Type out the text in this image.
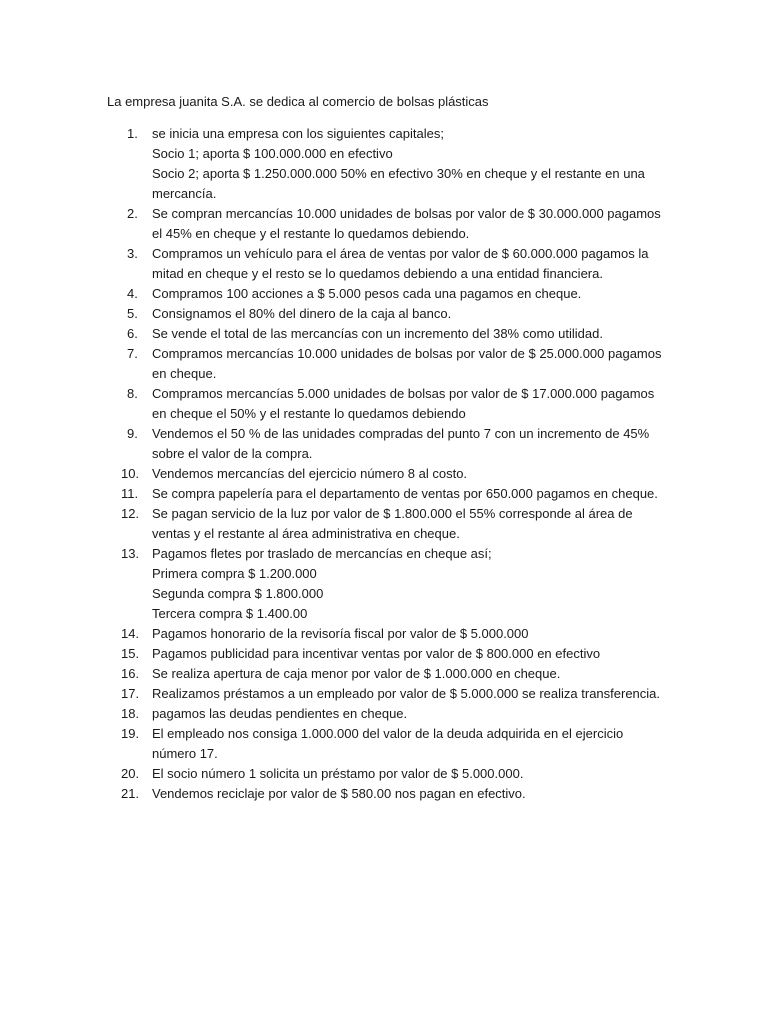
La empresa juanita S.A. se dedica al comercio de bolsas plásticas

1. se inicia una empresa con los siguientes capitales;
Socio 1; aporta $ 100.000.000 en efectivo
Socio 2; aporta $ 1.250.000.000 50% en efectivo 30% en cheque y el restante en una mercancía.
2. Se compran mercancías 10.000 unidades de bolsas por valor de $ 30.000.000 pagamos el 45% en cheque y el restante lo quedamos debiendo.
3. Compramos un vehículo para el área de ventas por valor de $ 60.000.000 pagamos la mitad en cheque y el resto se lo quedamos debiendo a una entidad financiera.
4. Compramos 100 acciones a $ 5.000 pesos cada una pagamos en cheque.
5. Consignamos el 80% del dinero de la caja al banco.
6. Se vende el total de las mercancías con un incremento del 38% como utilidad.
7. Compramos mercancías 10.000 unidades de bolsas por valor de $ 25.000.000 pagamos en cheque.
8. Compramos mercancías 5.000 unidades de bolsas por valor de $ 17.000.000 pagamos en cheque el 50% y el restante lo quedamos debiendo
9. Vendemos el 50 % de las unidades compradas del punto 7 con un incremento de 45% sobre el valor de la compra.
10. Vendemos mercancías del ejercicio número 8 al costo.
11. Se compra papelería para el departamento de ventas por 650.000 pagamos en cheque.
12. Se pagan servicio de la luz por valor de $ 1.800.000 el 55% corresponde al área de ventas y el restante al área administrativa en cheque.
13. Pagamos fletes por traslado de mercancías en cheque así;
Primera compra $ 1.200.000
Segunda compra $ 1.800.000
Tercera compra $ 1.400.00
14. Pagamos honorario de la revisoría fiscal por valor de $ 5.000.000
15. Pagamos publicidad para incentivar ventas por valor de $ 800.000 en efectivo
16. Se realiza apertura de caja menor por valor de $ 1.000.000 en cheque.
17. Realizamos préstamos a un empleado por valor de $ 5.000.000 se realiza transferencia.
18. pagamos las deudas pendientes en cheque.
19. El empleado nos consiga 1.000.000 del valor de la deuda adquirida en el ejercicio número 17.
20. El socio número 1 solicita un préstamo por valor de $ 5.000.000.
21. Vendemos reciclaje por valor de $ 580.00 nos pagan en efectivo.
